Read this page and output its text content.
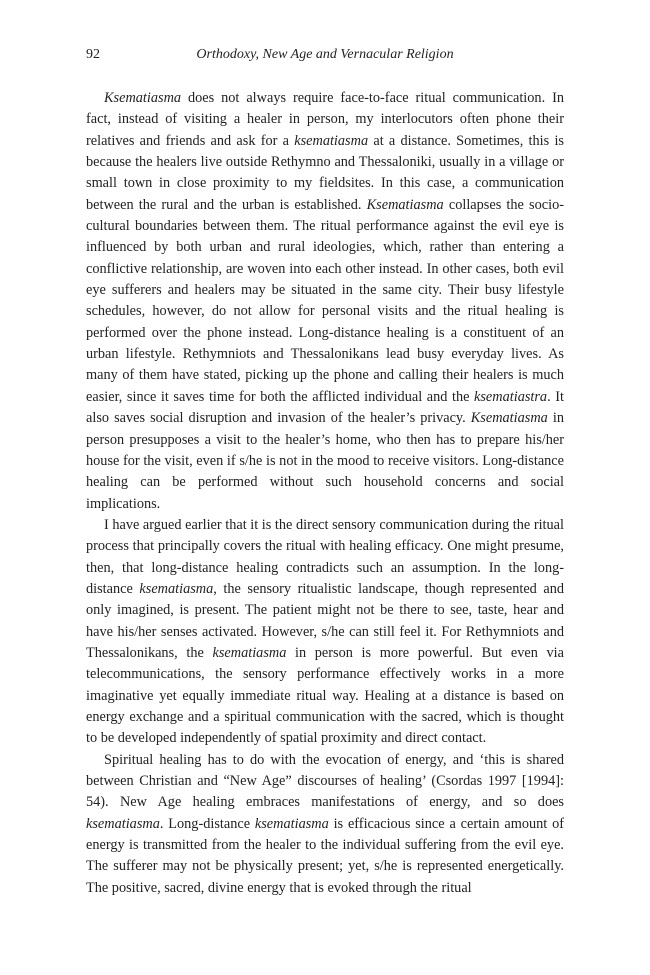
92	Orthodoxy, New Age and Vernacular Religion

Ksematiasma does not always require face-to-face ritual communication. In fact, instead of visiting a healer in person, my interlocutors often phone their relatives and friends and ask for a ksematiasma at a distance. Sometimes, this is because the healers live outside Rethymno and Thessaloniki, usually in a village or small town in close proximity to my fieldsites. In this case, a communication between the rural and the urban is established. Ksematiasma collapses the socio-cultural boundaries between them. The ritual performance against the evil eye is influenced by both urban and rural ideologies, which, rather than entering a conflictive relationship, are woven into each other instead. In other cases, both evil eye sufferers and healers may be situated in the same city. Their busy lifestyle schedules, however, do not allow for personal visits and the ritual healing is performed over the phone instead. Long-distance healing is a constituent of an urban lifestyle. Rethymniots and Thessalonikans lead busy everyday lives. As many of them have stated, picking up the phone and calling their healers is much easier, since it saves time for both the afflicted individual and the ksematiastra. It also saves social disruption and invasion of the healer’s privacy. Ksematiasma in person presupposes a visit to the healer’s home, who then has to prepare his/her house for the visit, even if s/he is not in the mood to receive visitors. Long-distance healing can be performed without such household concerns and social implications.

I have argued earlier that it is the direct sensory communication during the ritual process that principally covers the ritual with healing efficacy. One might presume, then, that long-distance healing contradicts such an assumption. In the long-distance ksematiasma, the sensory ritualistic landscape, though represented and only imagined, is present. The patient might not be there to see, taste, hear and have his/her senses activated. However, s/he can still feel it. For Rethymniots and Thessalonikans, the ksematiasma in person is more powerful. But even via telecommunications, the sensory performance effectively works in a more imaginative yet equally immediate ritual way. Healing at a distance is based on energy exchange and a spiritual communication with the sacred, which is thought to be developed independently of spatial proximity and direct contact.

Spiritual healing has to do with the evocation of energy, and ‘this is shared between Christian and “New Age” discourses of healing’ (Csordas 1997 [1994]: 54). New Age healing embraces manifestations of energy, and so does ksematiasma. Long-distance ksematiasma is efficacious since a certain amount of energy is transmitted from the healer to the individual suffering from the evil eye. The sufferer may not be physically present; yet, s/he is represented energetically. The positive, sacred, divine energy that is evoked through the ritual
